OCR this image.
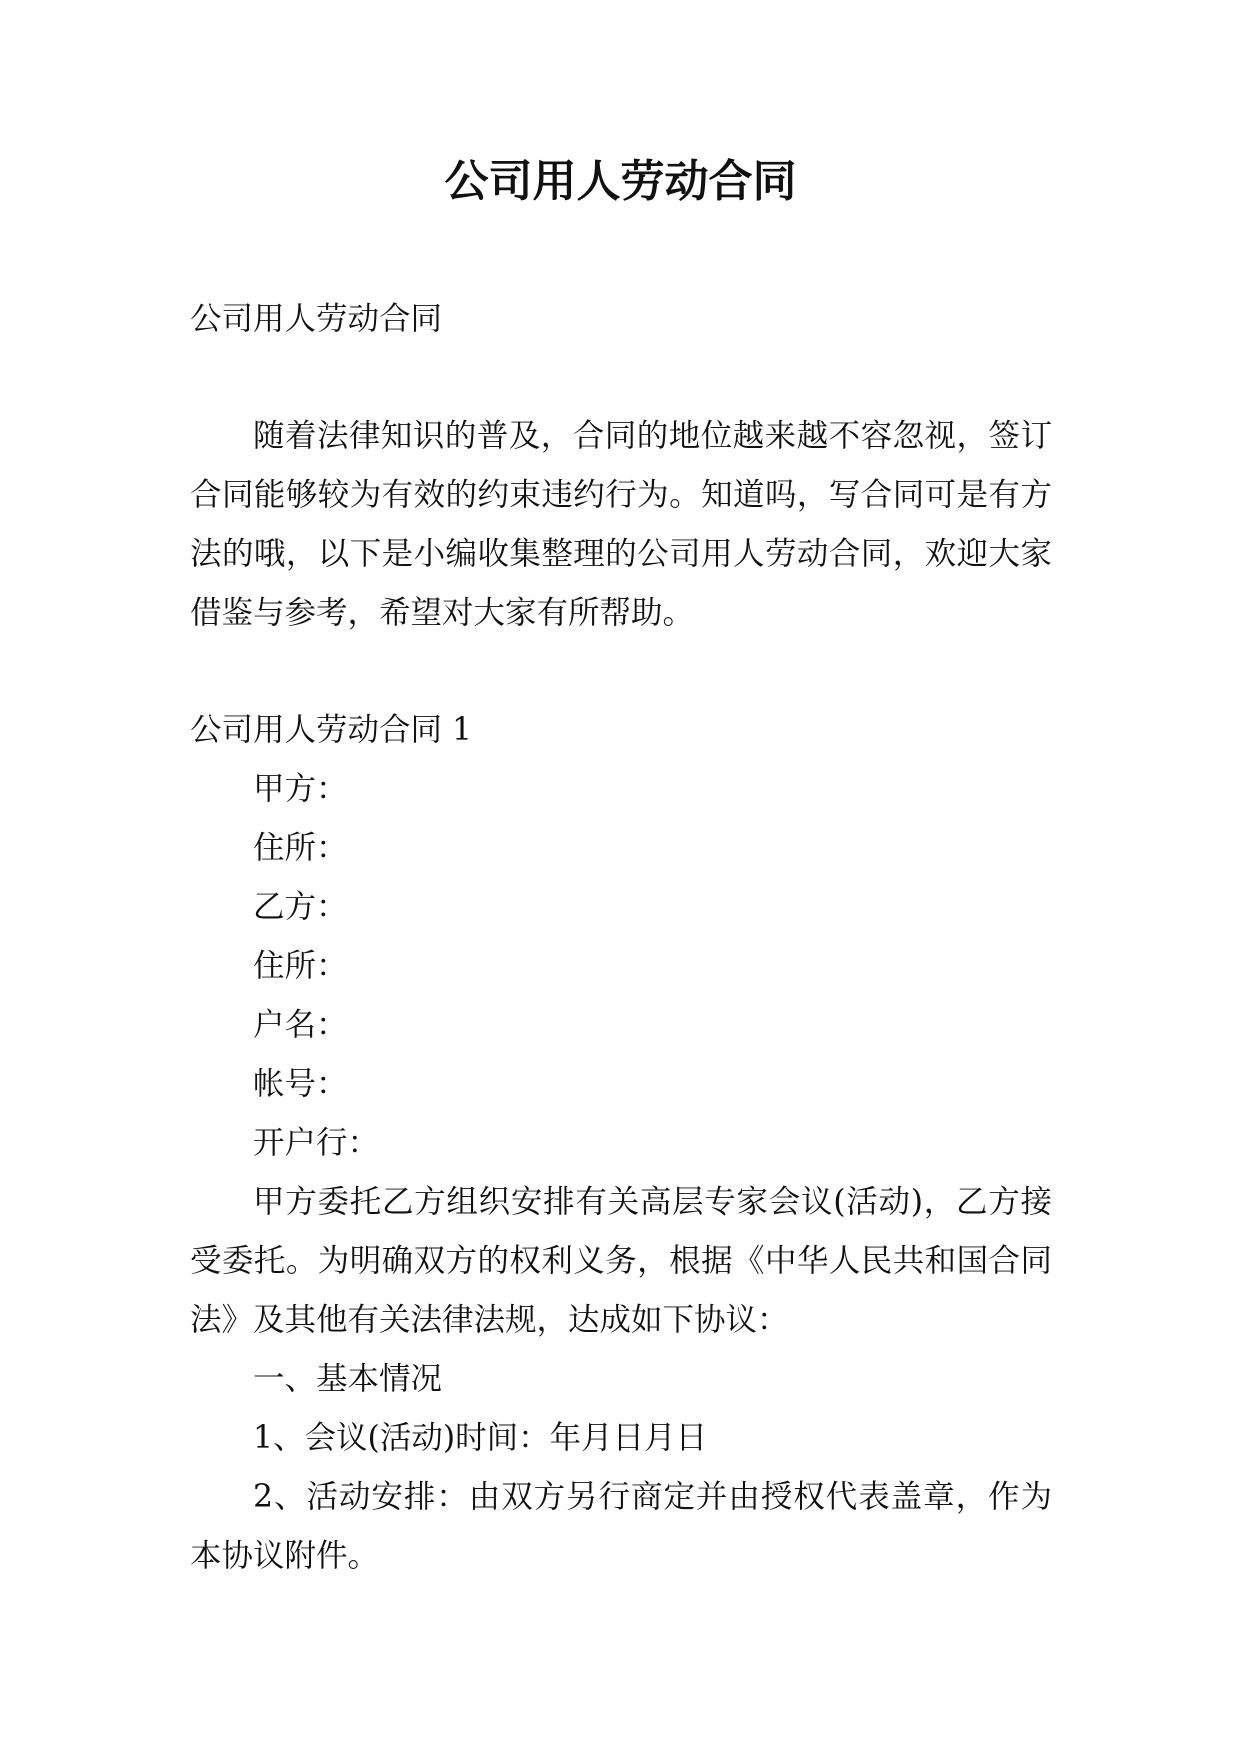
公司用人劳动合同

公司用人劳动合同

随着法律知识的普及，合同的地位越来越不容忽视，签订合同能够较为有效的约束违约行为。知道吗，写合同可是有方法的哦，以下是小编收集整理的公司用人劳动合同，欢迎大家借鉴与参考，希望对大家有所帮助。

公司用人劳动合同 1

甲方：

住所：

乙方：

住所：

户名：

帐号：

开户行：

甲方委托乙方组织安排有关高层专家会议(活动)，乙方接受委托。为明确双方的权利义务，根据《中华人民共和国合同法》及其他有关法律法规，达成如下协议：

一、基本情况

1、会议(活动)时间：年月日月日

2、活动安排：由双方另行商定并由授权代表盖章，作为本协议附件。
